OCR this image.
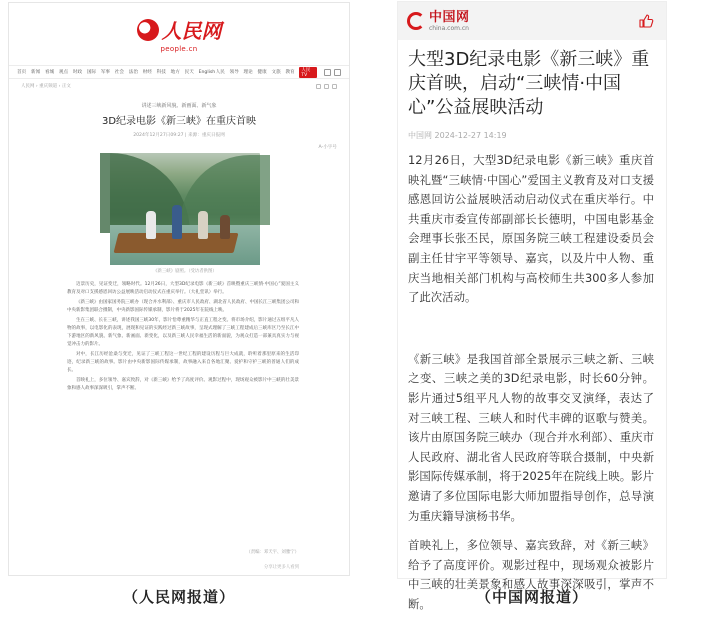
人民网
people.cn
首页	新闻	看城	观点	时政	国际	军事	社会	法治	财经	科技	地方	民天	English 人民	领导	理论	健康	文旅	教育	人民TV
人民网 › 重庆频道 › 正文
讲述三峡新风貌、新画面、新气象
3D纪录电影《新三峡》在重庆首映
2024年12月27日09:27 | 来源：重庆日报网
A-小字号
《新三峡》剧照。（受访者供图）

迈景历史，见证变迁，领略时代。12月26日，大型3D纪录电影《新三峡》首映暨重庆三峡情·中国心”爱国主义教育及对口支援感恩回访公益展映活动启动仪式在重庆举行。（大礼堂讯）举行。

《新三峡》由国家国务院三峡办（现合并水利部）、重庆市人民政府、湖北省人民政府、中国长江三峡集团公司和中央新影集团联合摄制，中央新影国际传媒承制，影片将于2025年在院线上映。

生在三峡、长在三峡，讲述我国三峡30年，影片恰尊重精华与正直工程之变。将市场介绍，影片通过五组平凡人物的故事，以电影化的表现，展现和见证的实践经过新三峡故事，呈现式理解了三峡工程建成后三峡库区乃至长江中下游地区的新风貌、新气象、新画面、新变化，以及新三峡人民幸福生活的新面貌，为观众打造一部兼具真实力与视觉冲击力的影片。

对中，长江历经沧桑与变迁，见证了三峡工程这一世纪工程的建设历程与巨大成就，聆听着那里原来的生活印迹，纪录新三峡的故事。影片由中央新影国际传媒承制，故事融入来自各地汇聚、爱护和守护三峡的普通人们的成长。

首映礼上，多位领导、嘉宾致辞，对《新三峡》给予了高度评价。观影过程中，现场观众被影片中三峡的壮美景象和感人故事深深吸引，掌声不断。

（责编：邓天宇、刘雅宁）
分享让更多人看到
（人民网报道）
中国网
china.com.cn
大型3D纪录电影《新三峡》重庆首映，启动“三峡情·中国心”公益展映活动
中国网 2024-12-27 14:19

12月26日，大型3D纪录电影《新三峡》重庆首映礼暨“三峡情·中国心”爱国主义教育及对口支援感恩回访公益展映活动启动仪式在重庆举行。中共重庆市委宣传部副部长长德明，中国电影基金会理事长张丕民，原国务院三峡工程建设委员会副主任甘宇平等领导、嘉宾，以及片中人物、重庆当地相关部门机构与高校师生共300多人参加了此次活动。

《新三峡》是我国首部全景展示三峡之新、三峡之变、三峡之美的3D纪录电影，时长60分钟。影片通过5组平凡人物的故事交叉演绎，表达了对三峡工程、三峡人和时代丰碑的讴歌与赞美。该片由原国务院三峡办（现合并水利部）、重庆市人民政府、湖北省人民政府等联合摄制，中央新影国际传媒承制，将于2025年在院线上映。影片邀请了多位国际电影大师加盟指导创作，总导演为重庆籍导演杨书华。

首映礼上，多位领导、嘉宾致辞，对《新三峡》给予了高度评价。观影过程中，现场观众被影片中三峡的壮美景象和感人故事深深吸引，掌声不断。	（中国网报道）
